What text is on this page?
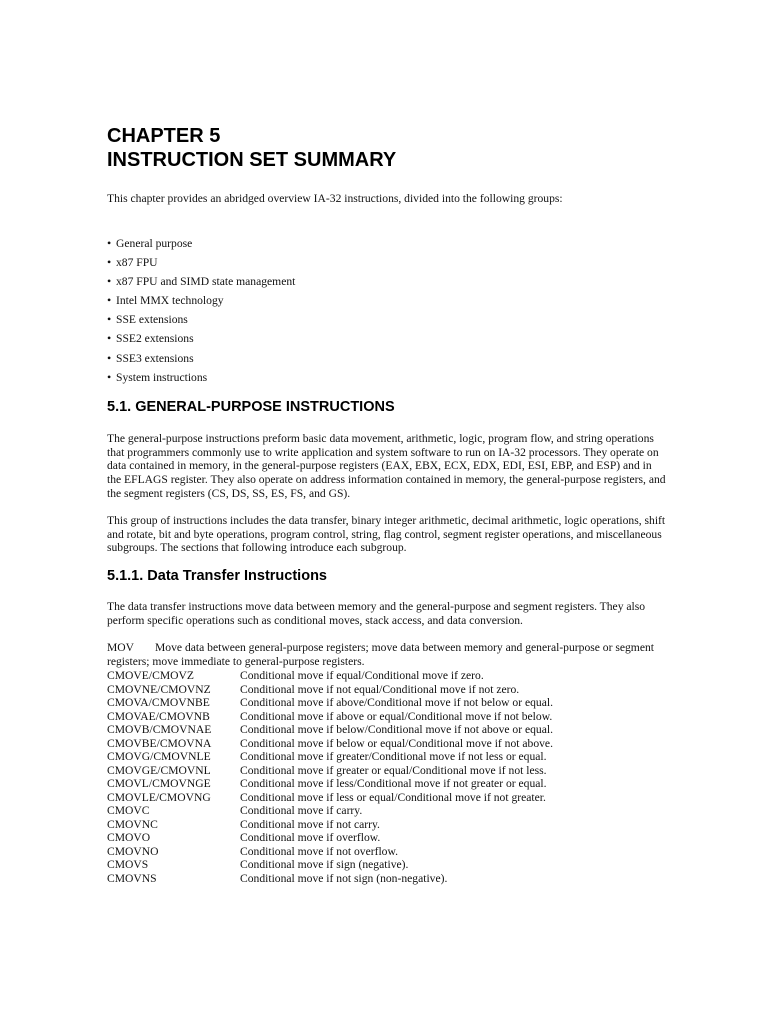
CHAPTER 5
INSTRUCTION SET SUMMARY

This chapter provides an abridged overview IA-32 instructions, divided into the following groups:

• General purpose
• x87 FPU
• x87 FPU and SIMD state management
• Intel MMX technology
• SSE extensions
• SSE2 extensions
• SSE3 extensions
• System instructions
5.1. GENERAL-PURPOSE INSTRUCTIONS

The general-purpose instructions preform basic data movement, arithmetic, logic, program flow, and string operations that programmers commonly use to write application and system software to run on IA-32 processors. They operate on data contained in memory, in the general-purpose registers (EAX, EBX, ECX, EDX, EDI, ESI, EBP, and ESP) and in the EFLAGS register. They also operate on address information contained in memory, the general-purpose registers, and the segment registers (CS, DS, SS, ES, FS, and GS).

This group of instructions includes the data transfer, binary integer arithmetic, decimal arithmetic, logic operations, shift and rotate, bit and byte operations, program control, string, flag control, segment register operations, and miscellaneous subgroups. The sections that following introduce each subgroup.

5.1.1. Data Transfer Instructions

The data transfer instructions move data between memory and the general-purpose and segment registers. They also perform specific operations such as conditional moves, stack access, and data conversion.

MOV Move data between general-purpose registers; move data between memory and general-purpose or segment registers; move immediate to general-purpose registers.
CMOVE/CMOVZ	Conditional move if equal/Conditional move if zero.
CMOVNE/CMOVNZ	Conditional move if not equal/Conditional move if not zero.
CMOVA/CMOVNBE	Conditional move if above/Conditional move if not below or equal.
CMOVAE/CMOVNB	Conditional move if above or equal/Conditional move if not below.
CMOVB/CMOVNAE	Conditional move if below/Conditional move if not above or equal.
CMOVBE/CMOVNA	Conditional move if below or equal/Conditional move if not above.
CMOVG/CMOVNLE	Conditional move if greater/Conditional move if not less or equal.
CMOVGE/CMOVNL	Conditional move if greater or equal/Conditional move if not less.
CMOVL/CMOVNGE	Conditional move if less/Conditional move if not greater or equal.
CMOVLE/CMOVNG	Conditional move if less or equal/Conditional move if not greater.
CMOVC	Conditional move if carry.
CMOVNC	Conditional move if not carry.
CMOVO	Conditional move if overflow.
CMOVNO	Conditional move if not overflow.
CMOVS	Conditional move if sign (negative).
CMOVNS	Conditional move if not sign (non-negative).
